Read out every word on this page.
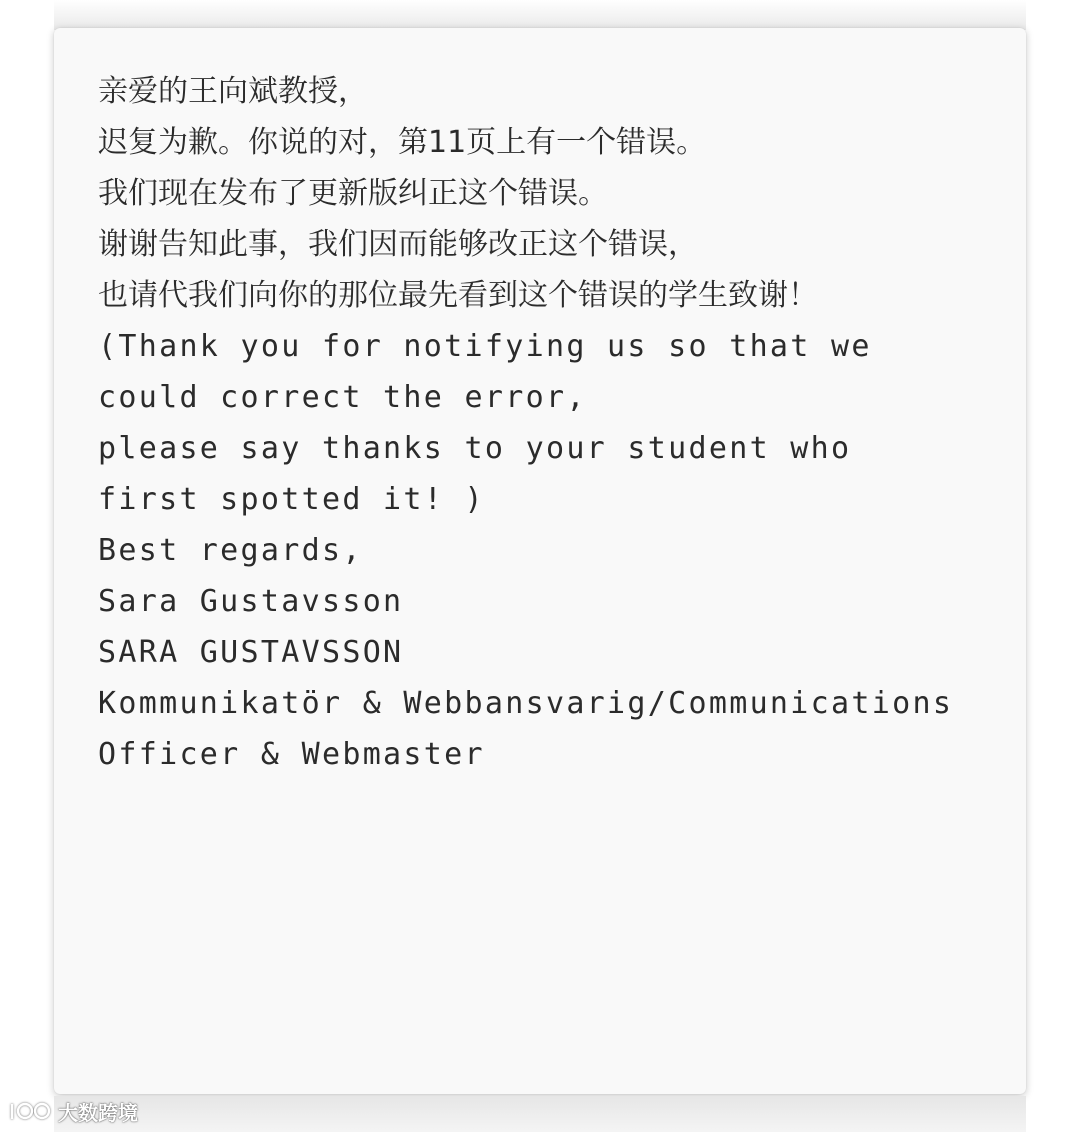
亲爱的王向斌教授，
迟复为歉。你说的对，第11页上有一个错误。
我们现在发布了更新版纠正这个错误。
谢谢告知此事，我们因而能够改正这个错误，
也请代我们向你的那位最先看到这个错误的学生致谢！
(Thank you for notifying us so that we
could correct the error,
please say thanks to your student who
first spotted it! )
Best regards,
Sara Gustavsson
SARA GUSTAVSSON
Kommunikatör & Webbansvarig/Communications
Officer & Webmaster
大数跨境
